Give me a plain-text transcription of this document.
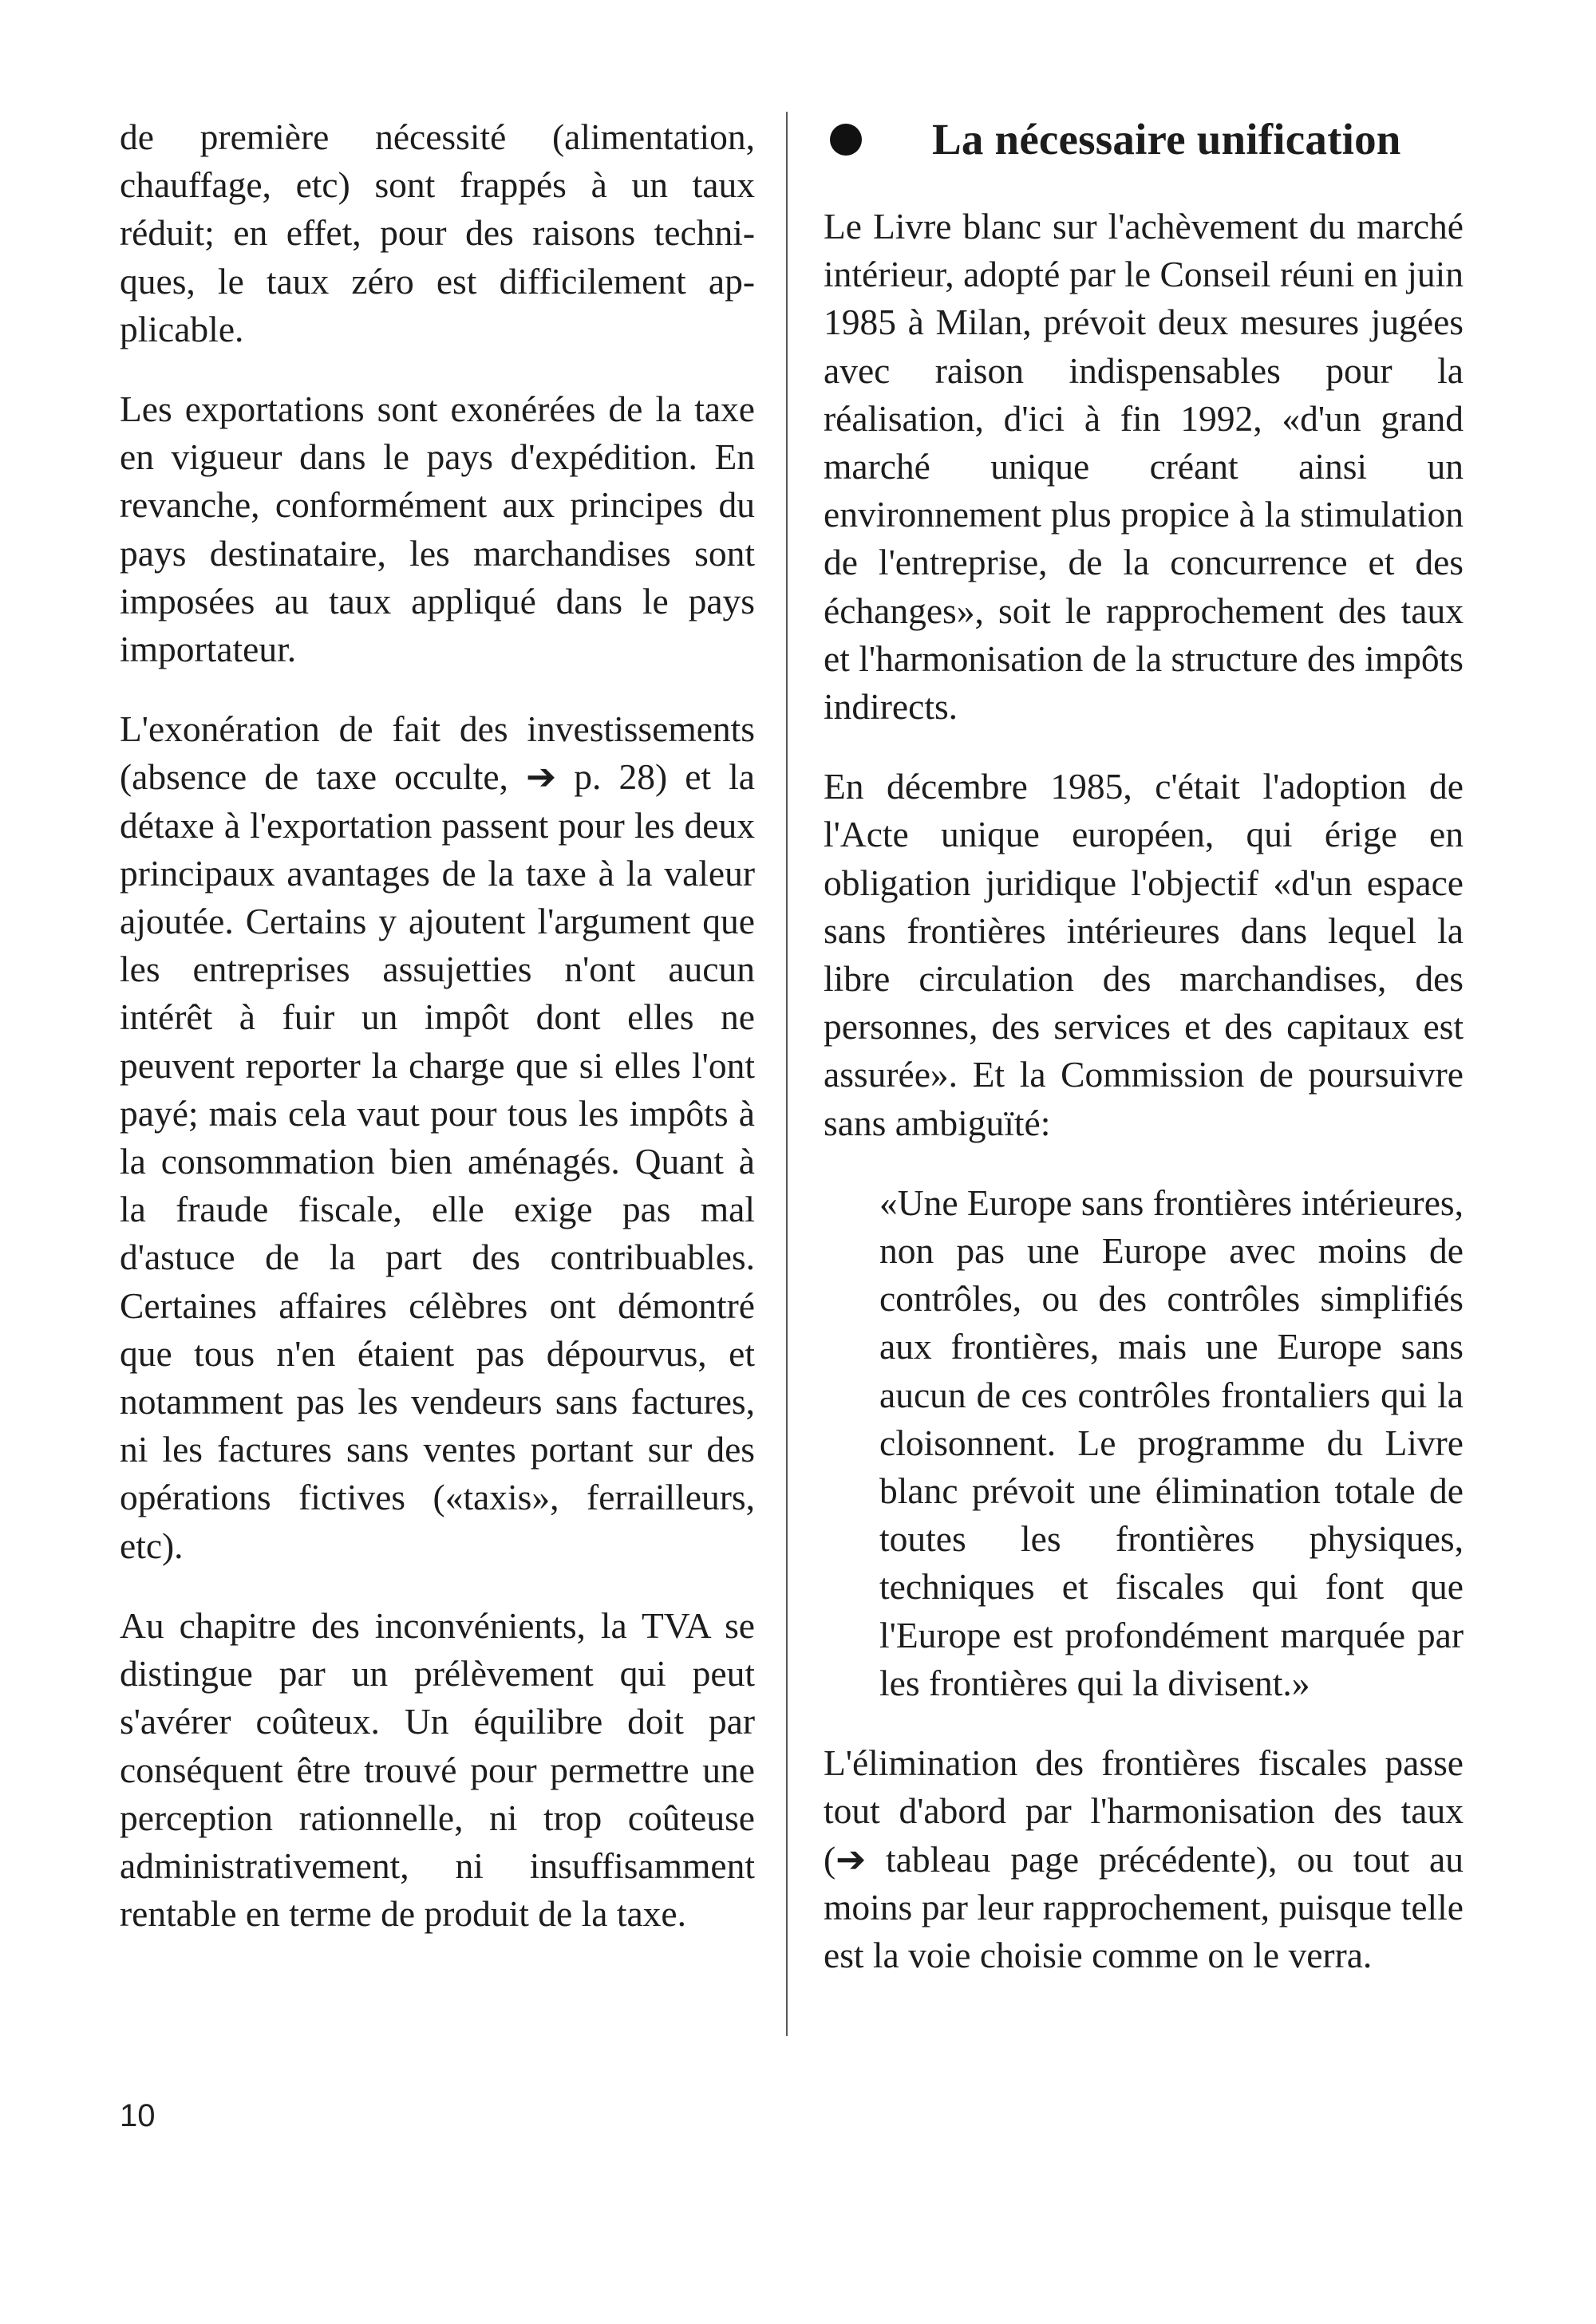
de première nécessité (alimentation, chauffage, etc) sont frappés à un taux réduit; en effet, pour des raisons techniques, le taux zéro est difficilement applicable.

Les exportations sont exonérées de la taxe en vigueur dans le pays d'expédition. En revanche, conformément aux principes du pays destinataire, les marchandises sont imposées au taux appliqué dans le pays importateur.

L'exonération de fait des investissements (absence de taxe occulte, ➔ p. 28) et la détaxe à l'exportation passent pour les deux principaux avantages de la taxe à la valeur ajoutée. Certains y ajoutent l'argument que les entreprises assujetties n'ont aucun intérêt à fuir un impôt dont elles ne peuvent reporter la charge que si elles l'ont payé; mais cela vaut pour tous les impôts à la consommation bien aménagés. Quant à la fraude fiscale, elle exige pas mal d'astuce de la part des contribuables. Certaines affaires célèbres ont démontré que tous n'en étaient pas dépourvus, et notamment pas les vendeurs sans factures, ni les factures sans ventes portant sur des opérations fictives («taxis», ferrailleurs, etc).

Au chapitre des inconvénients, la TVA se distingue par un prélèvement qui peut s'avérer coûteux. Un équilibre doit par conséquent être trouvé pour permettre une perception rationnelle, ni trop coûteuse administrativement, ni insuffisamment rentable en terme de produit de la taxe.

La nécessaire unification

Le Livre blanc sur l'achèvement du marché intérieur, adopté par le Conseil réuni en juin 1985 à Milan, prévoit deux mesures jugées avec raison indispensables pour la réalisation, d'ici à fin 1992, «d'un grand marché unique créant ainsi un environnement plus propice à la stimulation de l'entreprise, de la concurrence et des échanges», soit le rapprochement des taux et l'harmonisation de la structure des impôts indirects.

En décembre 1985, c'était l'adoption de l'Acte unique européen, qui érige en obligation juridique l'objectif «d'un espace sans frontières intérieures dans lequel la libre circulation des marchandises, des personnes, des services et des capitaux est assurée». Et la Commission de poursuivre sans ambiguïté:

«Une Europe sans frontières intérieures, non pas une Europe avec moins de contrôles, ou des contrôles simplifiés aux frontières, mais une Europe sans aucun de ces contrôles frontaliers qui la cloisonnent. Le programme du Livre blanc prévoit une élimination totale de toutes les frontières physiques, techniques et fiscales qui font que l'Europe est profondément marquée par les frontières qui la divisent.»

L'élimination des frontières fiscales passe tout d'abord par l'harmonisation des taux (➔ tableau page précédente), ou tout au moins par leur rapprochement, puisque telle est la voie choisie comme on le verra.

10
